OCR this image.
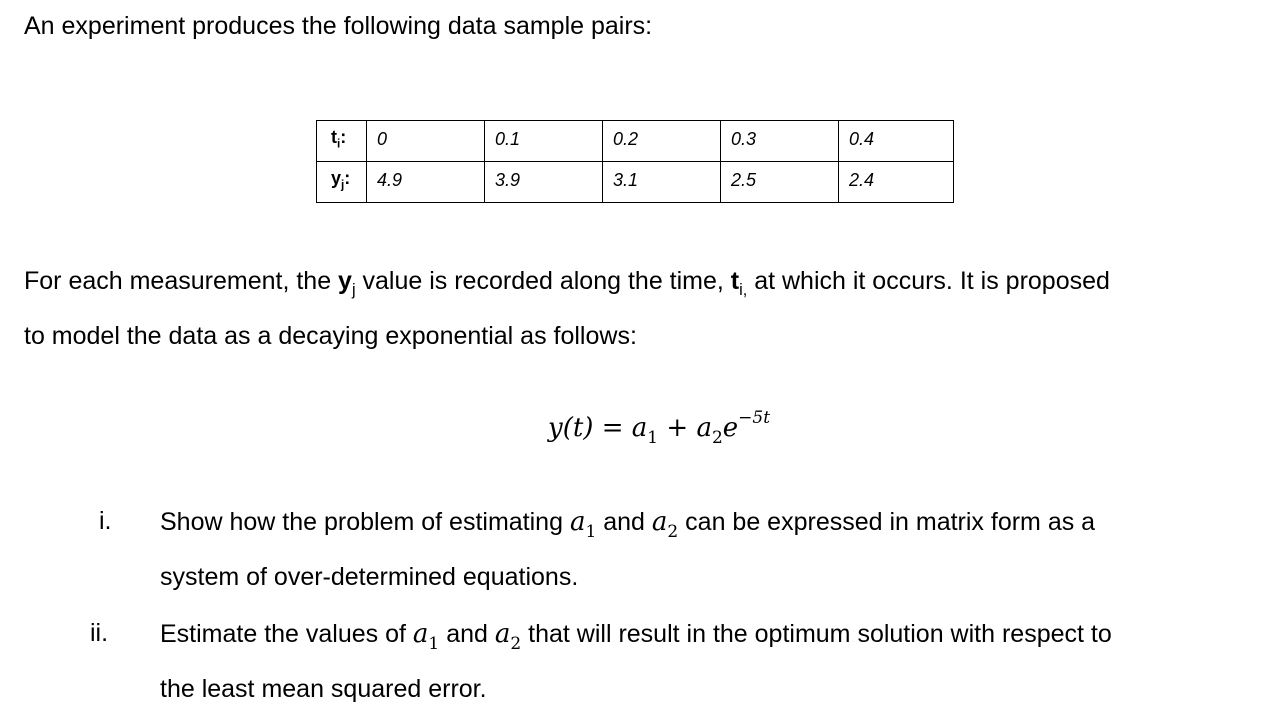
An experiment produces the following data sample pairs:
$t_i$:	0	0.1	0.2	0.3	0.4
$y_j$:	4.9	3.9	3.1	2.5	2.4
For each measurement, the $y_j$ value is recorded along the time, $t_{i,}$ at which it occurs. It is proposed
to model the data as a decaying exponential as follows:
$y(t) = a_1 + a_2e^{-5t}$
i. Show how the problem of estimating $a_1$ and $a_2$ can be expressed in matrix form as a
system of over-determined equations.
ii. Estimate the values of $a_1$ and $a_2$ that will result in the optimum solution with respect to
the least mean squared error.
